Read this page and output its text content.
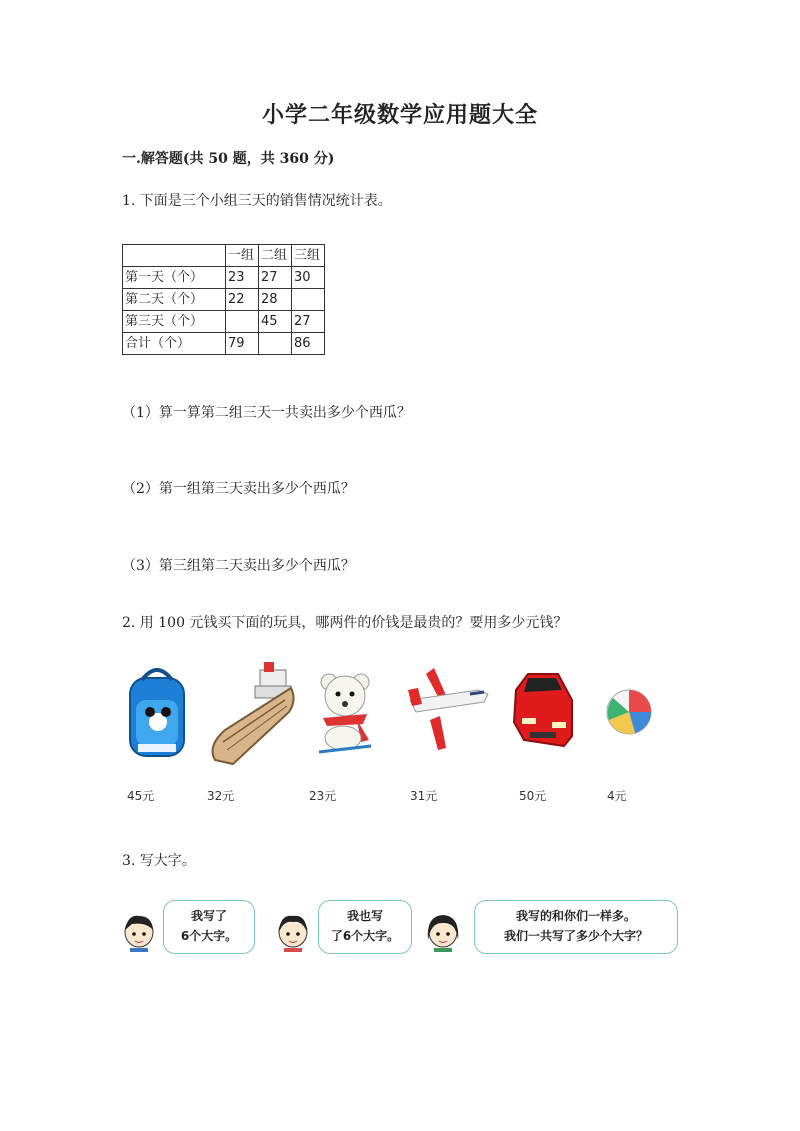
小学二年级数学应用题大全
一.解答题(共 50 题，共 360 分)
1. 下面是三个小组三天的销售情况统计表。
	一组	二组	三组
第一天（个）	23	27	30
第二天（个）	22	28	
第三天（个）		45	27
合计（个）	79		86
（1）算一算第二组三天一共卖出多少个西瓜？
（2）第一组第三天卖出多少个西瓜？
（3）第三组第二天卖出多少个西瓜？
2. 用 100 元钱买下面的玩具，哪两件的价钱是最贵的？要用多少元钱？
45元	32元	23元	31元	50元	4元
3. 写大字。
我写了
6个大字。
我也写
了6个大字。
我写的和你们一样多。
我们一共写了多少个大字？
